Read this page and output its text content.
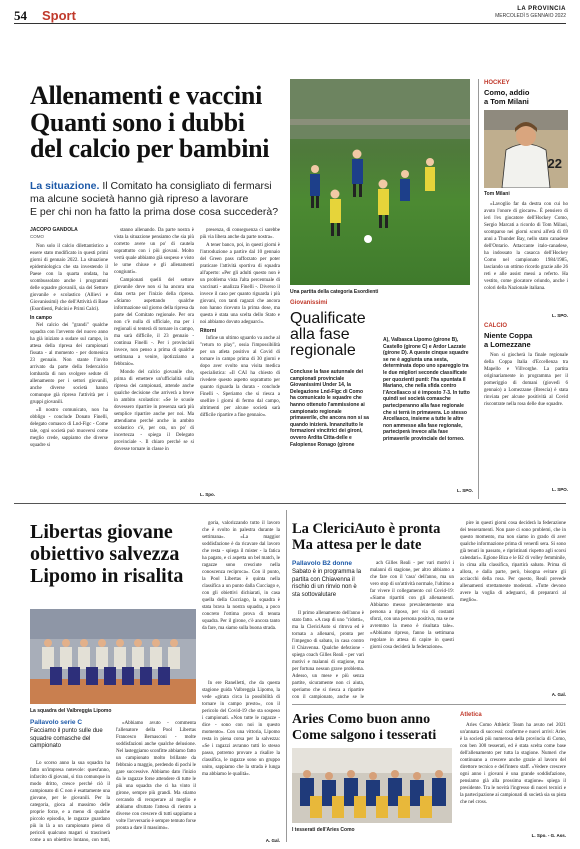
54 Sport	LA PROVINCIA
MERCOLEDÌ 5 GENNAIO 2022
Allenamenti e vaccini
Quanti sono i dubbi
del calcio per bambini
La situazione. Il Comitato ha consigliato di fermarsi
ma alcune società hanno già ripreso a lavorare
E per chi non ha fatto la prima dose cosa succederà?
JACOPO GANDOLA
COMO

Non solo il calcio dilettantistico a essere stato modificato in questi primi giorni di gennaio 2022. La situazione epidemiologica che sta investendo il Paese con la quarta ondata, ha scombussolato anche i programmi delle squadre giovanili, sia del Settore giovanile e scolastico (Allievi e Giovanissimi) che dell'Attività di Base (Esordienti, Pulcini e Primi Calci).

In campo

Nel calcio dei "grandi" qualche squadra con l'avvento del nuovo anno ha già iniziato a sudare sul campo, in attesa della ripresa dei campionati fissata - al momento - per domenica 23 gennaio. Non stante l'invito arrivato da parte della federcalcio lombarda di non svolgere sedute di allenamento per i settori giovanili, anche diverse società hanno comunque già ripreso l'attività per i gruppi giovanili.

«Il nostro comunicato, non ha obbligo - conclude Donato Finelli, delegato comasco di Lnd-Figc - Come tale, ogni società può muoversi come meglio crede, sappiamo che diverse squadre si

stanno allenando. Da parte nostra è vista la situazione pensiamo che sia più corretto avere un po' di cautela soprattutto con i più giovani. Molto verrà quale abbiamo già sospeso e visto le urne chiuse e gli allenamenti congiunti».

Campionati quelli del settore giovanile dove non si ha ancora una data certa per l'inizio della ripresa. «Stiamo aspettando qualche informazione sul giorno della ripresa da parte del Comitato regionale. Per ora non c'è nulla di ufficiale, ma per i regionali si tenterà di tornare in campo, ma sarà difficile, il 23 gennaio - continua Finelli -. Per i provinciali invece, non penso a prima di qualche settimana a venire, ipotizziamo a febbraio».

Mondo del calcio giovanile che, prima di emettere un'ufficialità sulla ripresa dei campionati, attende anche qualche decisione che arriverà a breve in ambito scolastico: «Se le scuole dovessero ripartire in presenza sarà più semplice ripartire anche per noi. Ma attendiamo perché anche in ambito scolastico c'è, per ora, un po' di incertezza - spiega il Delegato provinciale -. Il chiaro perché se si dovesse tornare in classe in

presenza, di conseguenza ci sarebbe più via libera anche da parte nostra».

A tener banco, poi, in questi giorni è l'introduzione a partire dal 10 gennaio del Green pass rafforzato per poter praticare l'attività sportiva di squadra all'aperto: «Per gli adulti questo non è un problema vista l'alta percentuale di vaccinati - analizza Finelli -. Diverso il invece il caso per quanto riguarda i più giovani, con tanti ragazzi che ancora non hanno ricevuto la prima dose, ma questa è stata una scelta dello Stato e noi abbiamo dovuto adeguarci».

Ritorni

Infine un ultimo sguardo va anche al "return to play", ossia l'impossibilità per un atleta positivo al Covid di tornare in campo prima di 30 giorni e dopo aver svolto una visita medica specialistica: «Il CAI ha chiesto di rivedere questo aspetto soprattutto per quanto riguarda la durata - conclude Finelli -. Speriamo che si riesca a snellire i giorni di fermo dal campo, altrimenti per alcune società sarà difficile ripartire a fine gennaio».

L. Spo.
Una partita della categoria Esordienti
Giovanissimi
Qualificate
alla fase
regionale
Concluse la fase autunnale dei campionati provinciale Giovanissimi Under 14, la Delegazione Lnd-Figc di Como ha comunicato le squadre che hanno ottenuto l'ammissione ai campionato regionale primaverile, che ancora non si sa quando inizierà. Innanzitutto le formazioni vincitrici dei gironi, ovvero Ardita Citta-delle e Falopiense Ronago (girone
A), Valbasca Lipomo (girone B), Castello (girone C) e Ardor Lazzate (girone D). A queste cinque squadre se ne è aggiunta una sesta, determinata dopo uno spareggio tra le due migliori seconde classificate per quozienti punti: l'ha spuntata il Mariano, che nella sfida contro l'Arcellasco si è imposto 7-3. In tutto quindi sei società comasche parteciperanno alla fase regionale che si terrà in primavera. Lo stesso Arcellasco, insieme a tutte le altre non ammesse alla fase regionale, parteciperà invece alla fase primaverile provinciale del torneo.
L. SPO.
HOCKEY
Como, addio
a Tom Milani
22
Tom Milani

«Lavoglio far da destra con cui ho avuto l'onore di giocare». È pensiero di ieri l'ex giocatore dell'Hockey Como, Sergio Marcati a ricordo di Tom Milani, scomparso nei giorni scorsi all'età di 69 anni a Thunder Bay, nello stato canadese dell'Ontario. Attaccante italo-canadese, ha indossato la casacca dell'Hockey Como nel campionato 1984/1985, lasciando un ottimo ricordo grazie alle 26 reti e alle assist messi a referto. Ha vestito, come giocatore oriundo, anche i colori della Nazionale italiana.

L. SPO.
CALCIO
Niente Coppa
a Lomezzane

Non si giocherà la finale regionale della Coppa Italia d'Eccellenza tra Mapello e Villvorghe. La partita originariamente in programma per il pomeriggio di domani (giovedì 6 gennaio) a Lomezzane (Brescia) è stata rinviata per alcune positività al Covid riscontrate nella rosa delle due squadre.

L. SPO.
Libertas giovane
obiettivo salvezza
Lipomo in risalita
La squadra del Valbreggia Lipomo
Pallavolo serie C
Facciamo il punto sulle due squadre comasche del campionato

Lo scorso anno la sua squadra ha fatto un'impresa notevole: quest'anno, infarcito di giovani, si tira comunque in modo dritto, cresce perché ciò il campionato di C non è esattamente una giovane, per le giovanili. Per la categoria, gioca al massimo delle proprie forze, e a meno di qualche piccolo episodio, le ragazze guardano più in là a un campionato pieno di pericoli qualcuno magari si trascinerà come a un obiettivo lontano, con tutti,

«Abbiamo avuto - commenta l'allenatore della Pool Libertas Francesco Bernasconi - molte soddisfazioni anche qualche delusione. Nel lasteggiamo sconfitte abbiamo fatto un campionato molto brillante da febbraio a maggio, perdendo di pochi le gare successive. Abbiamo dato l'inizio da le ragazze forse attendere di tutte le più una squadra che ci ha vinto il girone, sempre più grandi. Ma stiamo cercando di recuperare al meglio e abbiamo sfruttato l'attesa di rientro a diverse con crescere di tutti sappiamo a volte l'avversario è sempre temuto forse pronta a dare il massimo».

goria, valorizzando tutto il lavoro che è svolto in palestra durante la settimana». «La maggior soddisfazione è da ricavare dal lavoro che resta - spiega il mister - la fatica ha pagato, e ci aspetta un bel match, le ragazze sono cresciute nella conoscenza reciproca». Con il punto, la Pool Libertas è quinta nella classifica a un punto dalla Cucciago e, con gli obiettivi dichiarati, in casa quella della Cucciago, la squadra è stata brava la nostra squadra, a poco concreto l'ottima prova di tenuta squadra. Per il girone, c'è ancora tanto da fare, ma siamo sulla buona strada.

In ere Ranelletti, che da questa stagione guida Valbreggia Lipomo, la vede «girata circa la possibilità di tornare in campo presto», con il pericolo del Covid-19 che sta sospeso i campionati. «Non tutte le ragazze - dice - sono con noi in questo momento». Con una vittoria, Lipomo resta in piena corsa per la salvezza: «Se i ragazzi avranno tutti lo stesso passo, potremo provare a risalire la classifica, le ragazze sono un gruppo unito, sappiamo che la strada è lunga ma abbiamo le qualità».

A. Gal.
La ClericiAuto è pronta
Ma attesa per le date
Pallavolo B2 donne
Sabato è in programma la partita con Chiavenna il rischio di un rinvio non è sta sottovalutare

Il primo allenamento dell'anno è stato fatto. «A rasp di uno "ridotti», ma la ClericiAuto si ritrova ed è tornata a allenarsi, pronta per l'impegno di sabato, in casa contro il Chiavenna. Qualche defezione - spiega coach Gilles Reali - per vari motivi e malanni di stagione, ma per fortuna nessun grave problema. Adesso, un mese e più senza partite, sicuramente non ci aiuta, speriamo che si riesca a ripartire con il campionato, anche se le

ach Gilles Reali - per vari motivi i malanni di stagione, per altro abbiamo a che fare con il 'casa' dell'anno, ma un vero stop di un'attività normale, l'ultimo a far vivere il collegamento col Covid-19: «Siamo ripartiti con gli allenamenti. Abbiamo messo prevalentemente una persona a riposo, per via di costanti sforzi, con una persona positiva, ma se ne avremmo la meno è risultata tale». «Abbiamo ripreso, fanno la settimana regolare in attesa di capire in questi giorni cosa deciderà la federazione».

pire in questi giorni cosa deciderà la federazione dei tesseramenti. Non pare ci sono problemi, che in questo momento, ma non siamo in grado di aver qualche informazione prima di venerdì sera. Si sono già tenuti in passato, e ripristinati rispetto agli scorsi calendari». Egione Biza e le B2 di volley femminile, in cima alla classifica, ripartirà sabato. Prima di allora, e dalla parte, però, bisogna evitare gli acciacchi della rosa. Per questo, Reali prevede allenamenti strettamente moderati. «Tutte devono avere la voglia di adeguarci, di prepararci al meglio».

A. Gal.
Aries Como buon anno
Come salgono i tesserati
I tesserati dell'Aries Como
Atletica

Aries Como Athletic Team ha avuto nel 2021 un'annata di successi: conferme e nuovi arrivi: Aries è la società più numerosa della provincia di Como, con ben 300 tesserati, ed è stata scelta come base dell'allenamento per tutta la stagione. Numeri che continuano a crescere anche grazie al lavoro del direttore tecnico e dell'intero staff. «Vedere crescere ogni anno i giovani è una grande soddisfazione, pensiamo già alla prossima stagione» spiega il presidente. Tra le novità l'ingresso di nuovi tecnici e la partecipazione ai campionati di società sia su pista che nel cross.

L. Spo. - G. Ass.
